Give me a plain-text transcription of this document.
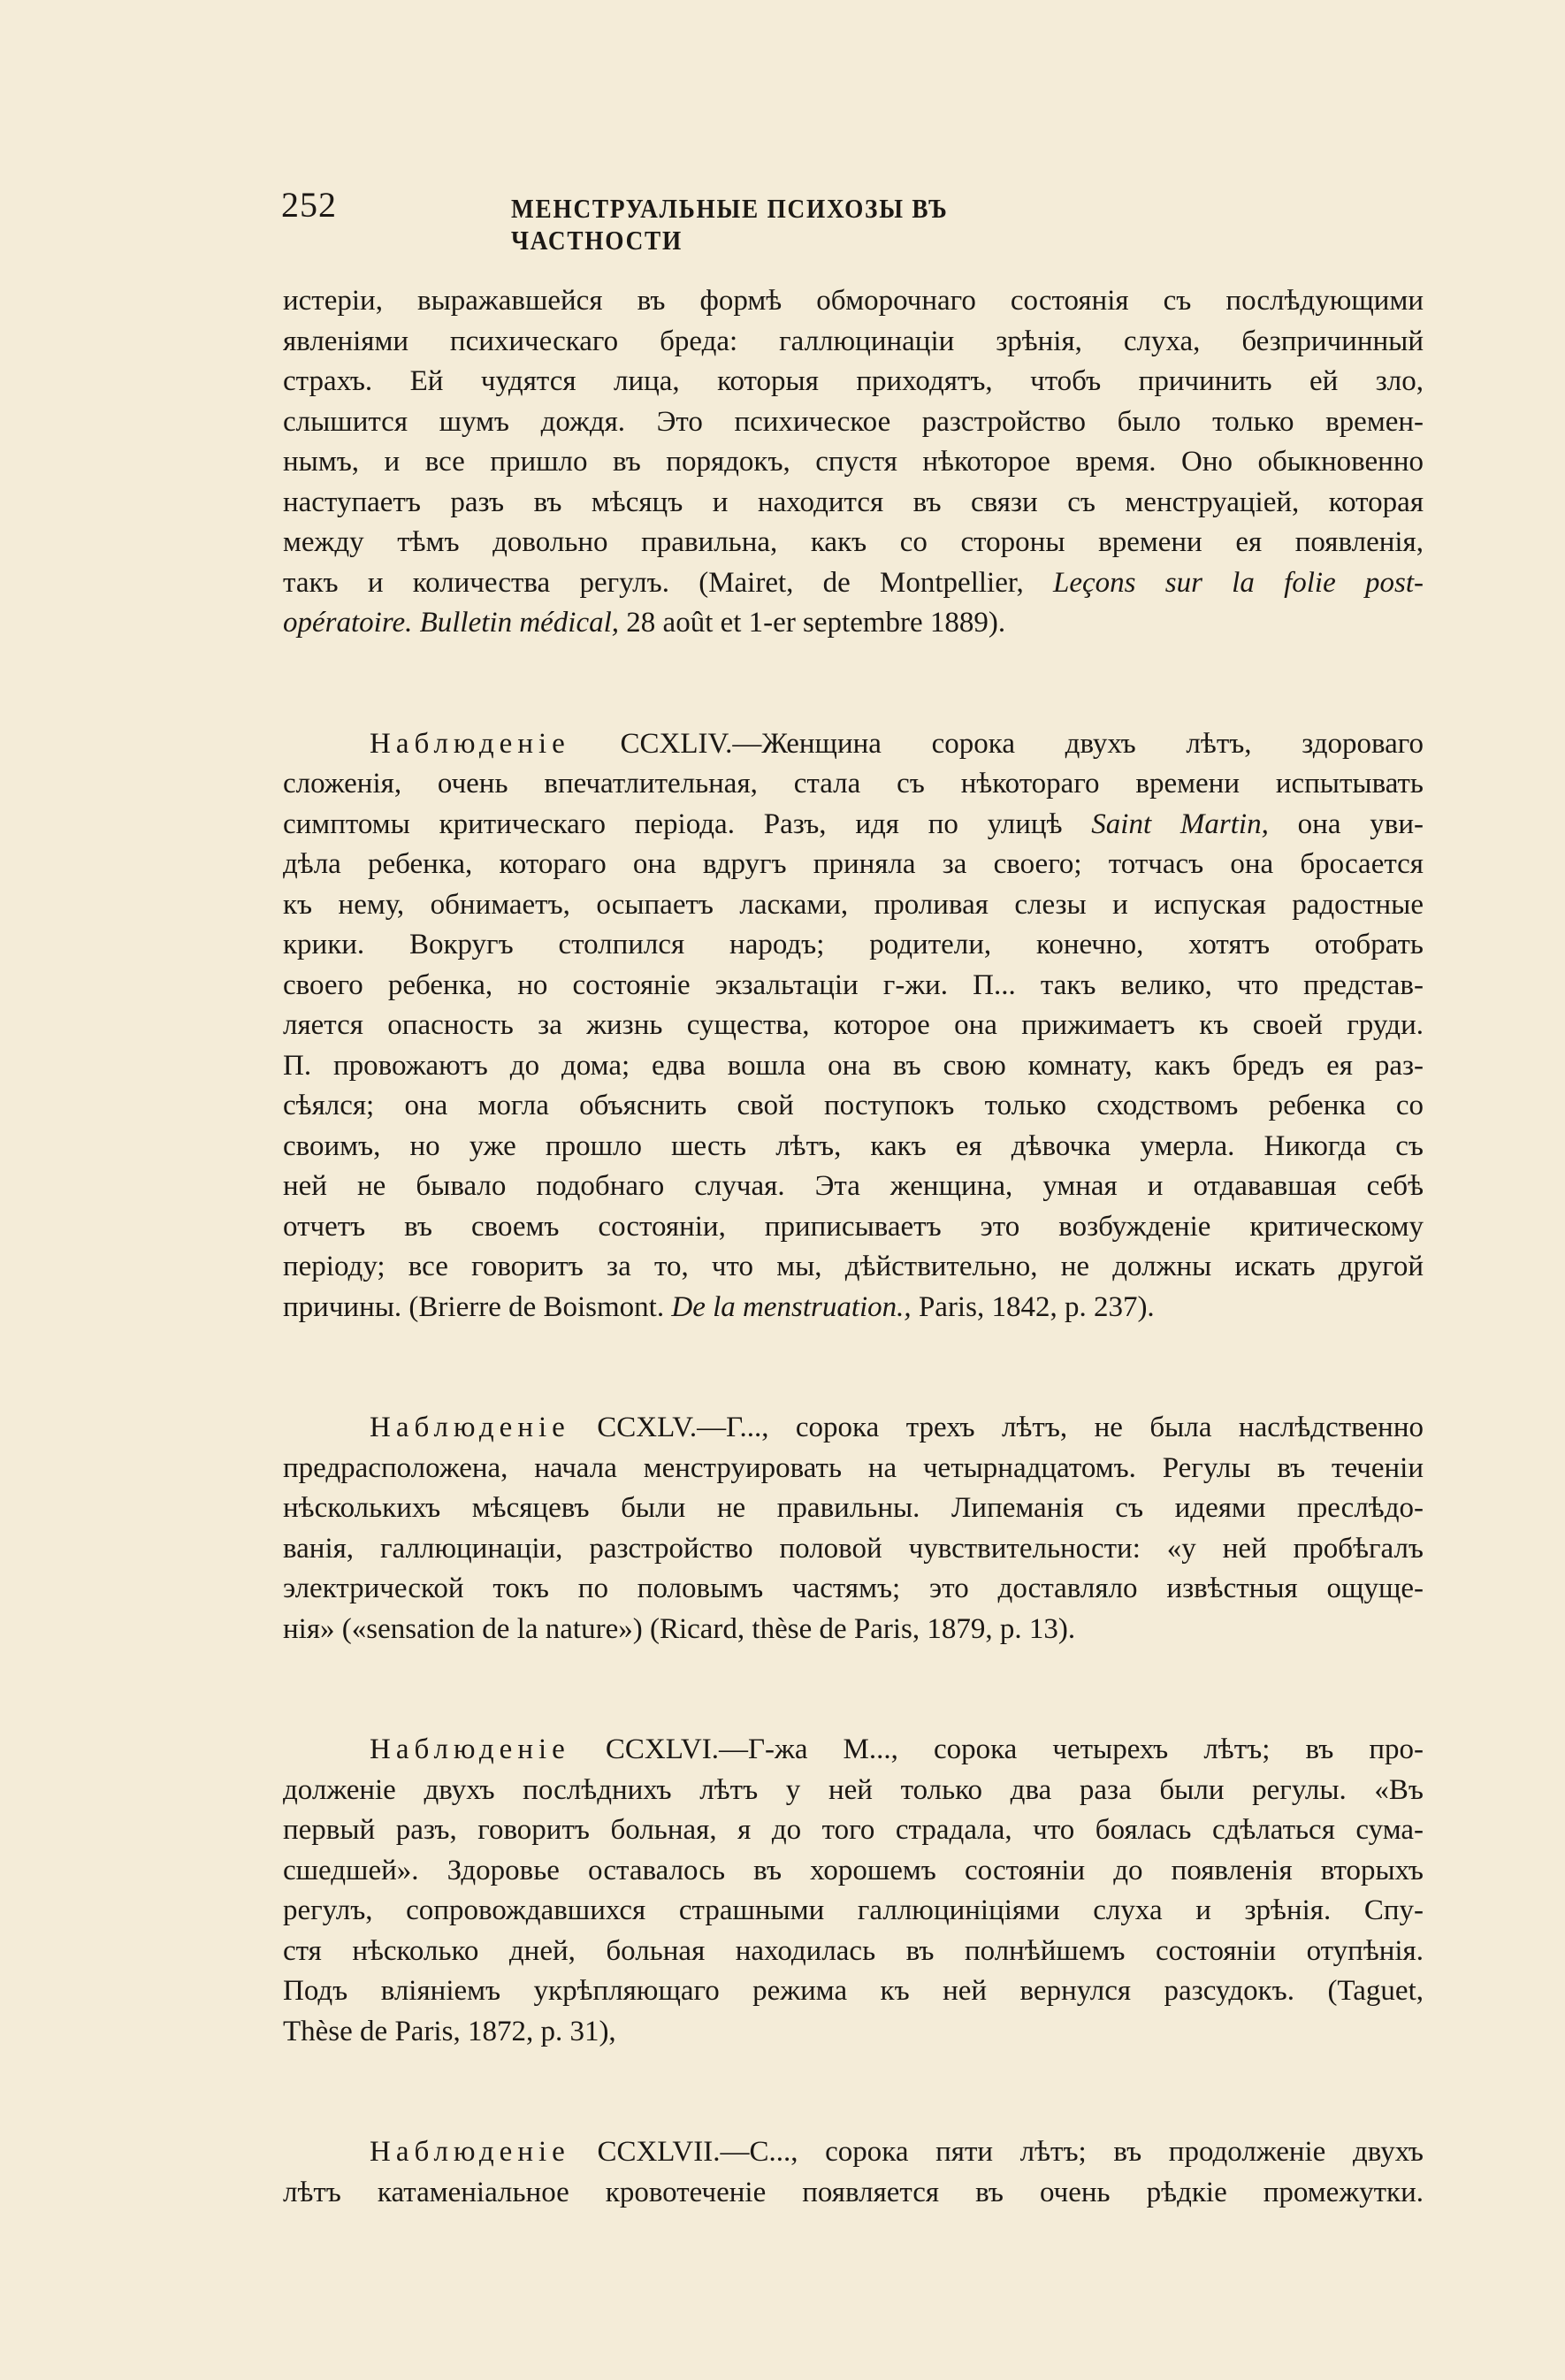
252	МЕНСТРУАЛЬНЫЕ ПСИХОЗЫ ВЪ ЧАСТНОСТИ

истеріи, выражавшейся въ формѣ обморочнаго состоянія съ послѣдующими
явленіями психическаго бреда: галлюцинаціи зрѣнія, слуха, безпричинный
страхъ. Ей чудятся лица, которыя приходятъ, чтобъ причинить ей зло,
слышится шумъ дождя. Это психическое разстройство было только времен-
нымъ, и все пришло въ порядокъ, спустя нѣкоторое время. Оно обыкновенно
наступаетъ разъ въ мѣсяцъ и находится въ связи съ менструаціей, которая
между тѣмъ довольно правильна, какъ со стороны времени ея появленія,
такъ и количества регулъ. (Mairet, de Montpellier, Leçons sur la folie post-
opératoire. Bulletin médical, 28 août et 1-er septembre 1889).

Наблюденіе CCXLIV.—Женщина сорока двухъ лѣтъ, здороваго
сложенія, очень впечатлительная, стала съ нѣкотораго времени испытывать
симптомы критическаго періода. Разъ, идя по улицѣ Saint Martin, она уви-
дѣла ребенка, котораго она вдругъ приняла за своего; тотчасъ она бросается
къ нему, обнимаетъ, осыпаетъ ласками, проливая слезы и испуская радостные
крики. Вокругъ столпился народъ; родители, конечно, хотятъ отобрать
своего ребенка, но состояніе экзальтаціи г-жи. П... такъ велико, что представ-
ляется опасность за жизнь существа, которое она прижимаетъ къ своей груди.
П. провожаютъ до дома; едва вошла она въ свою комнату, какъ бредъ ея раз-
сѣялся; она могла объяснить свой поступокъ только сходствомъ ребенка со
своимъ, но уже прошло шесть лѣтъ, какъ ея дѣвочка умерла. Никогда съ
ней не бывало подобнаго случая. Эта женщина, умная и отдававшая себѣ
отчетъ въ своемъ состояніи, приписываетъ это возбужденіе критическому
періоду; все говоритъ за то, что мы, дѣйствительно, не должны искать другой
причины. (Brierre de Boismont. De la menstruation., Paris, 1842, p. 237).

Наблюденіе CCXLV.—Г..., сорока трехъ лѣтъ, не была наслѣдственно
предрасположена, начала менструировать на четырнадцатомъ. Регулы въ теченіи
нѣсколькихъ мѣсяцевъ были не правильны. Липеманія съ идеями преслѣдо-
ванія, галлюцинаціи, разстройство половой чувствительности: «у ней пробѣгалъ
электрической токъ по половымъ частямъ; это доставляло извѣстныя ощуще-
нія» («sensation de la nature») (Ricard, thèse de Paris, 1879, p. 13).

Наблюденіе CCXLVI.—Г-жа М..., сорока четырехъ лѣтъ; въ про-
долженіе двухъ послѣднихъ лѣтъ у ней только два раза были регулы. «Въ
первый разъ, говоритъ больная, я до того страдала, что боялась сдѣлаться сума-
сшедшей». Здоровье оставалось въ хорошемъ состояніи до появленія вторыхъ
регулъ, сопровождавшихся страшными галлюциніціями слуха и зрѣнія. Спу-
стя нѣсколько дней, больная находилась въ полнѣйшемъ состояніи отупѣнія.
Подъ вліяніемъ укрѣпляющаго режима къ ней вернулся разсудокъ. (Taguet,
Thèse de Paris, 1872, p. 31),

Наблюденіе CCXLVII.—С..., сорока пяти лѣтъ; въ продолженіе двухъ
лѣтъ катаменіальное кровотеченіе появляется въ очень рѣдкіе промежутки.
